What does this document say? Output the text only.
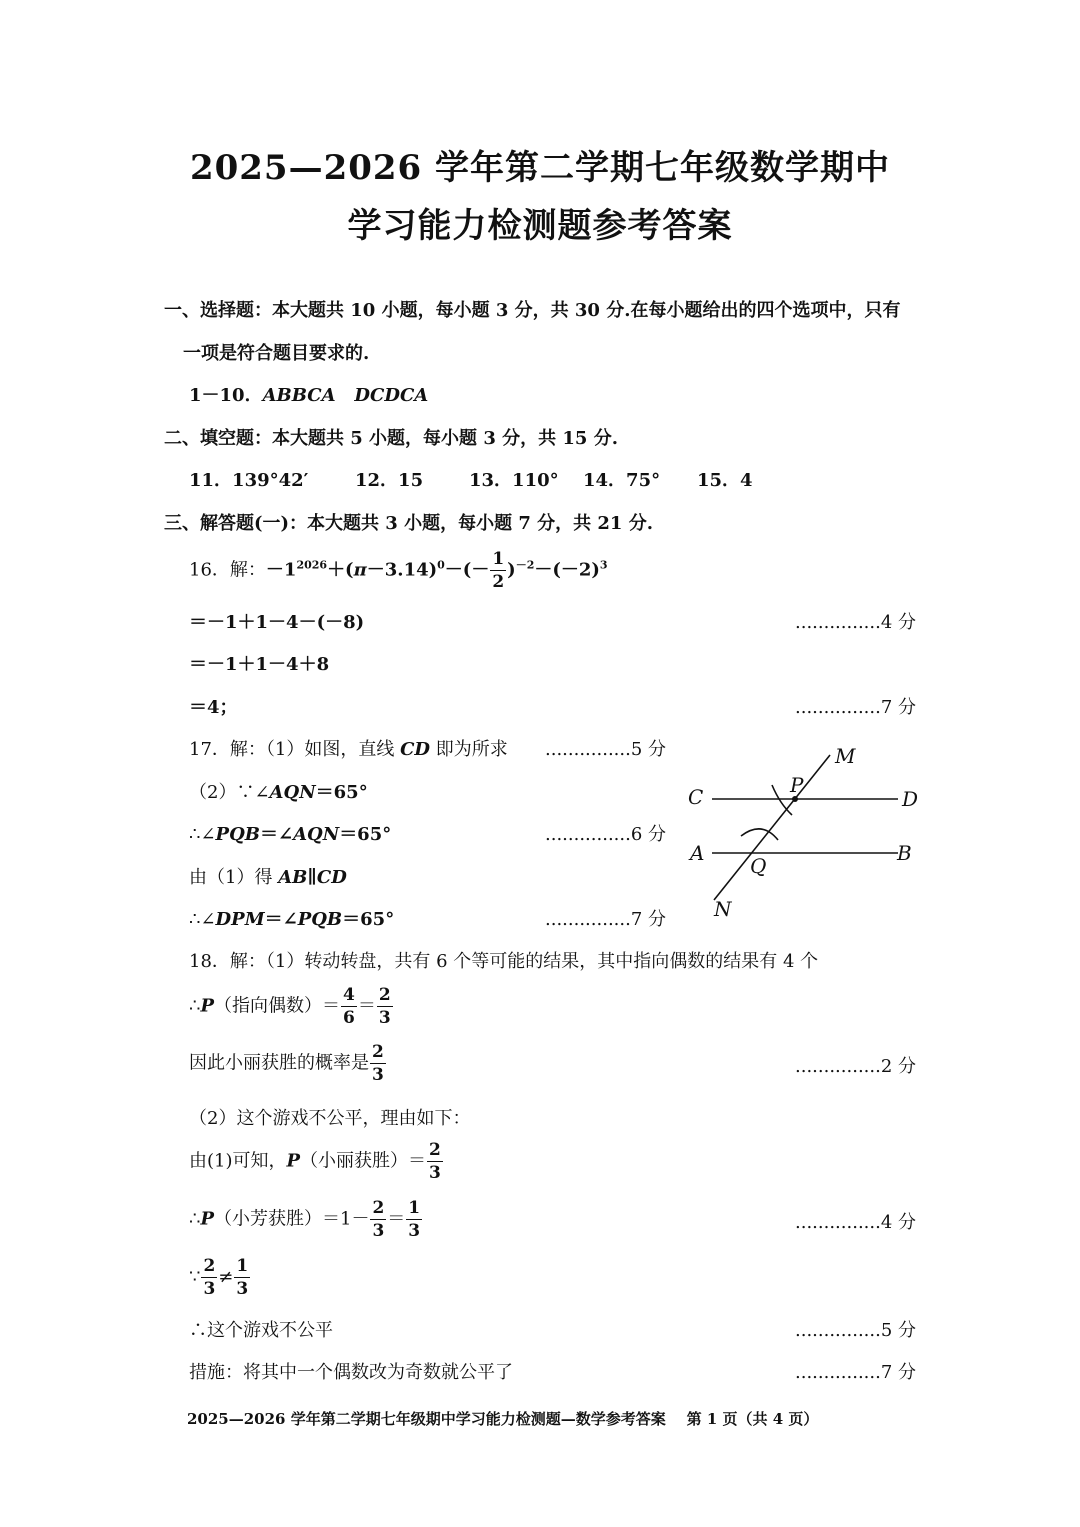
2025—2026 学年第二学期七年级数学期中
学习能力检测题参考答案
一、选择题：本大题共 10 小题，每小题 3 分，共 30 分.在每小题给出的四个选项中，只有
一项是符合题目要求的.
1－10．ABBCA DCDCA
二、填空题：本大题共 5 小题，每小题 3 分，共 15 分.
11．139°42′	12．15	13．110° 14．75° 15．4
三、解答题(一)：本大题共 3 小题，每小题 7 分，共 21 分.
16．解：$-1^{2026}+(\pi-3.14)^0-(- \frac{1}{2} )^{-2}-(-2)^3$
＝－1＋1－4－(－8)	...............4 分
＝－1＋1－4＋8
＝4；	...............7 分
17．解：（1）如图，直线 CD 即为所求 ...............5 分
（2）∵∠AQN＝65°
∴∠PQB＝∠AQN＝65°	...............6 分
由（1）得 AB∥CD
∴∠DPM＝∠PQB＝65°	...............7 分
M
P
C	D
A
Q
B
N
18．解：（1）转动转盘，共有 6 个等可能的结果，其中指向偶数的结果有 4 个
∴P（指向偶数）＝ $\frac{4}{6} = \frac{2}{3}$
因此小丽获胜的概率是 $\frac{2}{3}$	...............2 分
（2）这个游戏不公平，理由如下：
由(1)可知，P（小丽获胜）＝ $\frac{2}{3}$
∴P（小芳获胜）$=1- \frac{2}{3} = \frac{1}{3}$	...............4 分
∵ $\frac{2}{3} \ne \frac{1}{3}$
∴这个游戏不公平	...............5 分
措施：将其中一个偶数改为奇数就公平了	...............7 分
2025—2026 学年第二学期七年级期中学习能力检测题—数学参考答案 第 1 页（共 4 页）
